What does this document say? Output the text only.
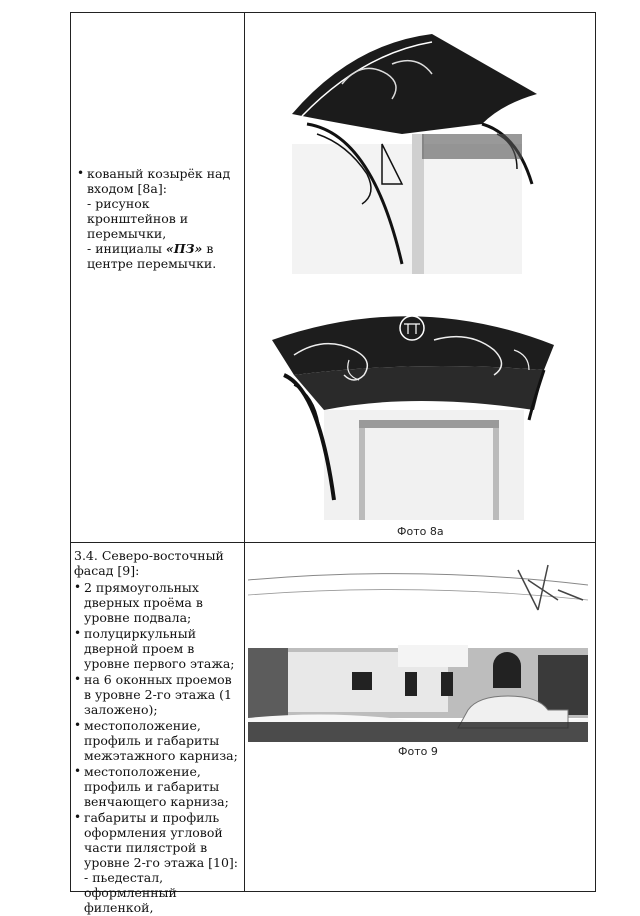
• кованый козырёк над входом [8а]:
- рисунок кронштейнов и перемычки,
- инициалы «ПЗ» в центре перемычки.
Фото 8а
3.4. Северо-восточный фасад [9]:
• 2 прямоугольных дверных проёма в уровне подвала;
• полуциркульный дверной проем в уровне первого этажа;
• на 6 оконных проемов в уровне 2-го этажа (1 заложено);
• местоположение, профиль и габариты межэтажного карниза;
• местоположение, профиль и габариты венчающего карниза;
• габариты и профиль оформления угловой части пилястрой в уровне 2-го этажа [10]:
- пьедестал, оформленный филенкой,
Фото 9
